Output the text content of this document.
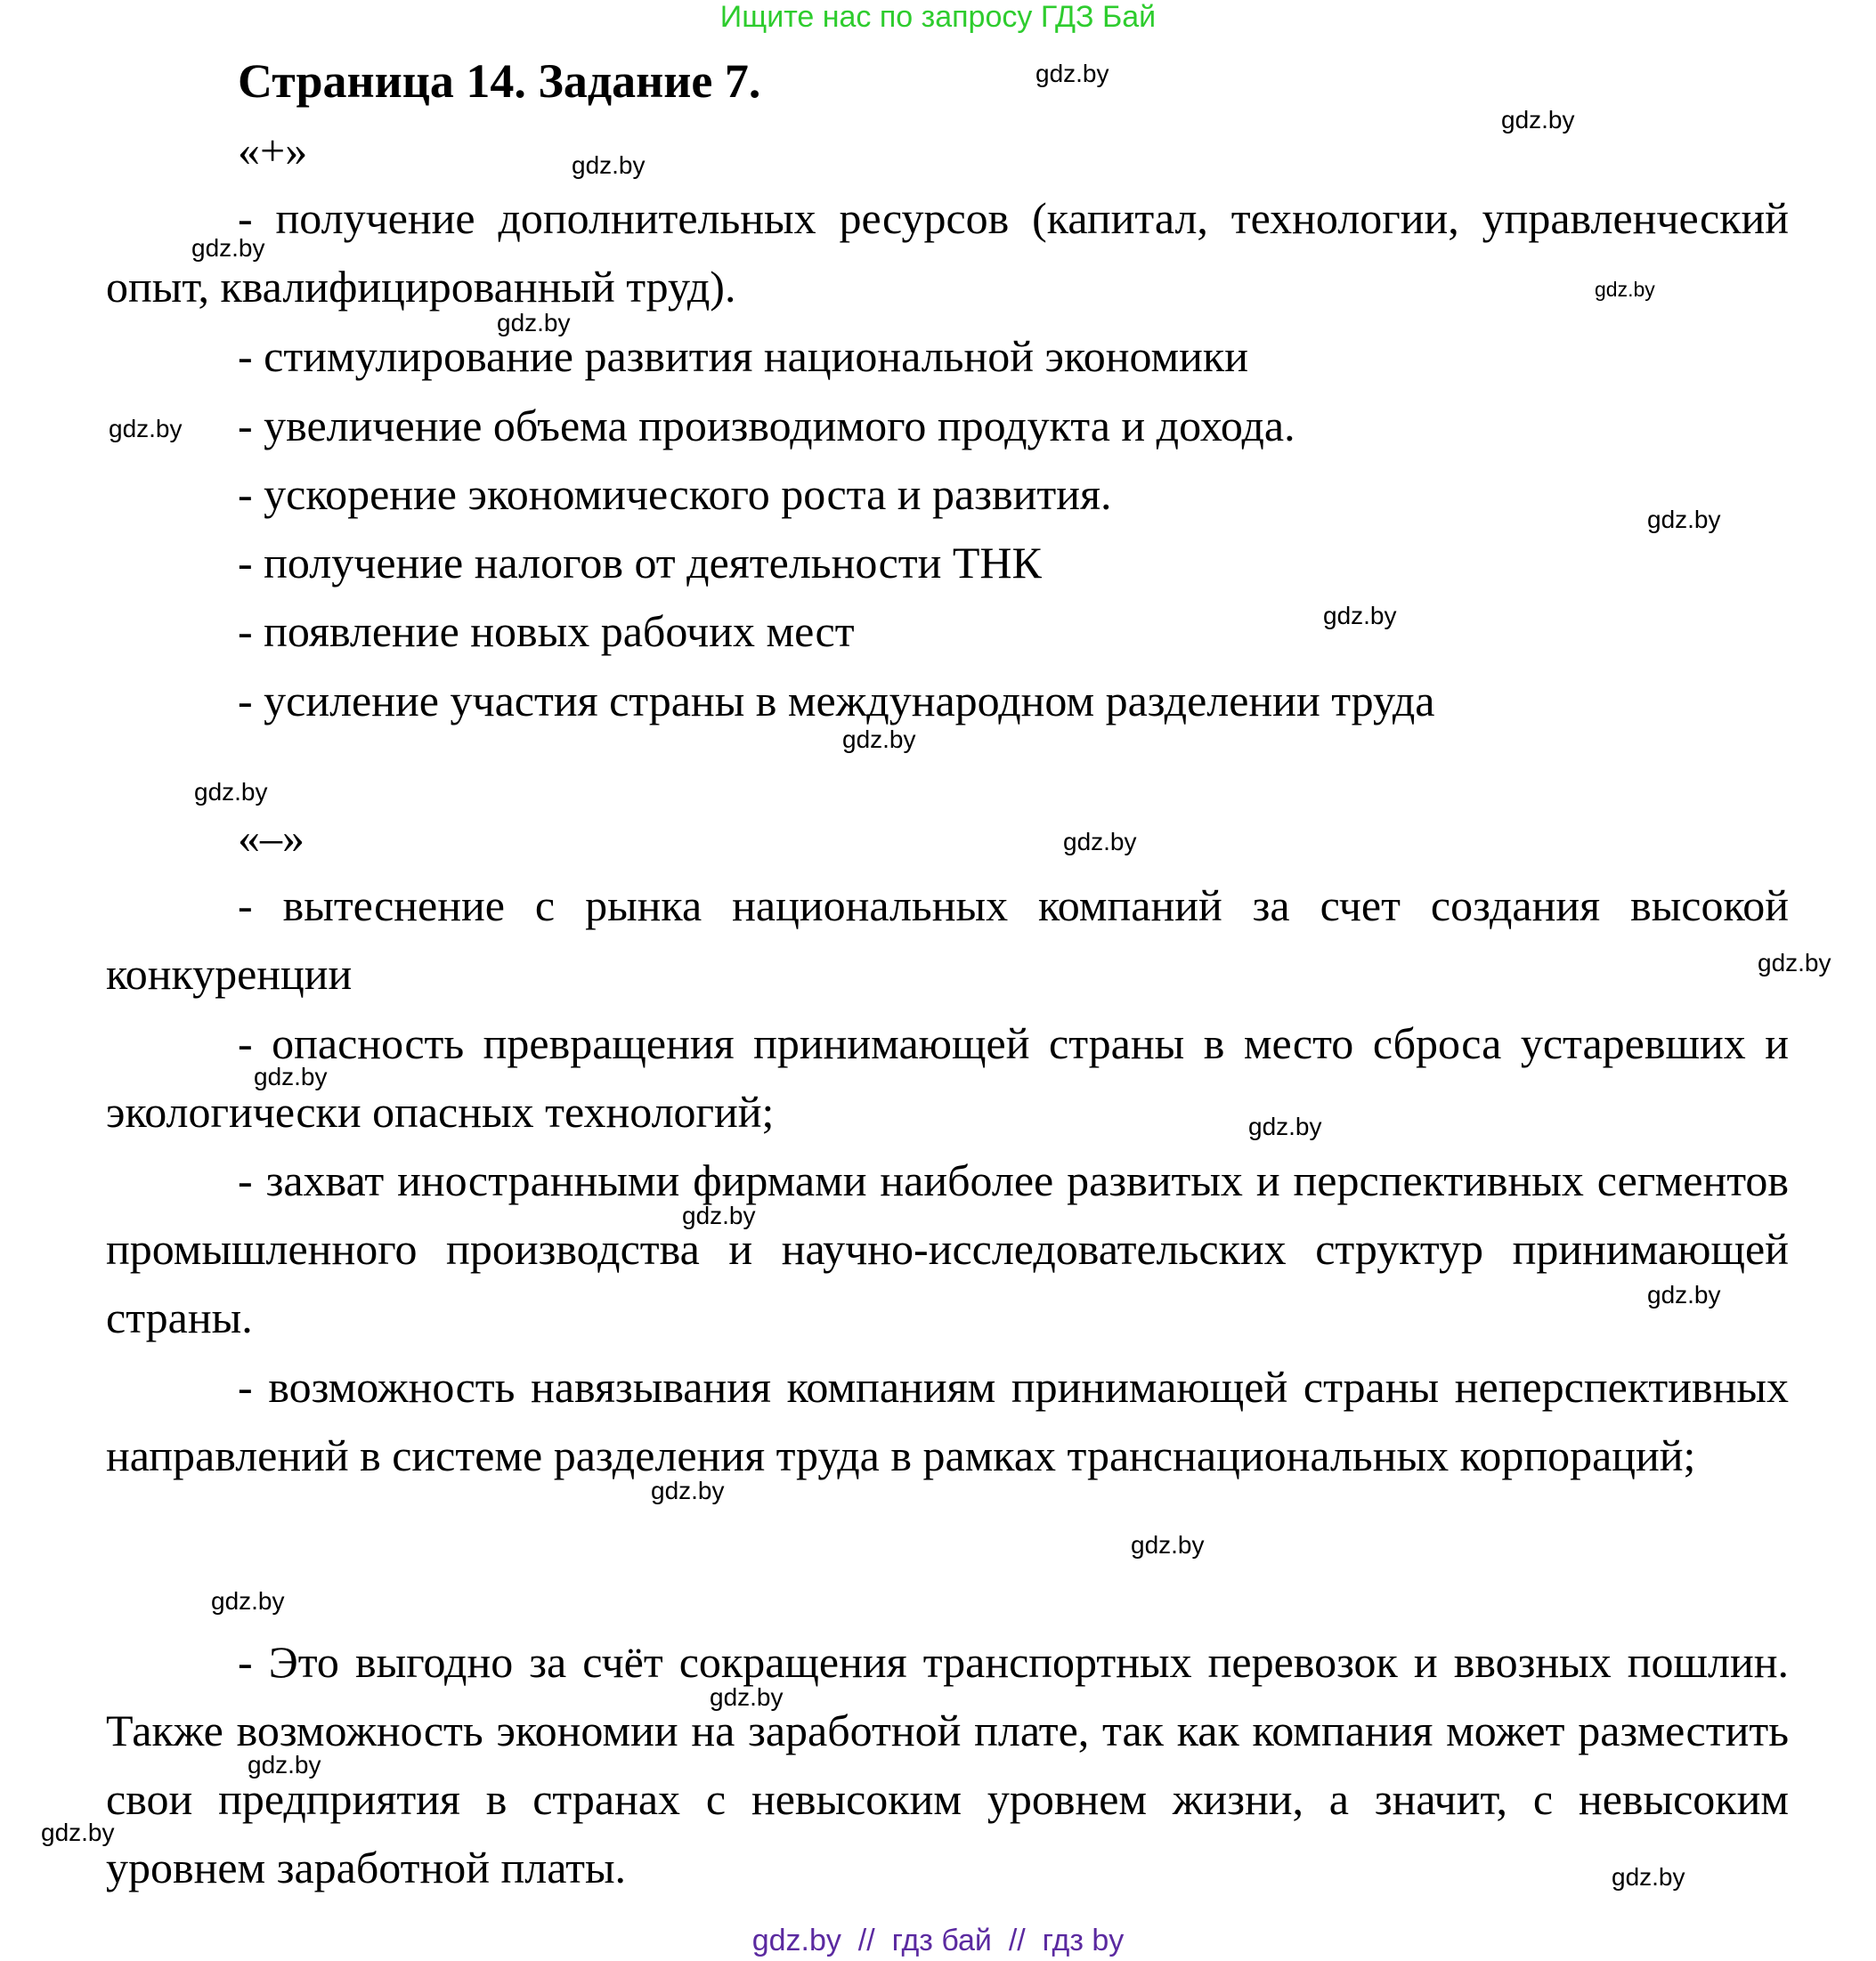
Ищите нас по запросу ГДЗ Бай
Страница 14. Задание 7.
«+»

- получение дополнительных ресурсов (капитал, технологии, управленческий опыт, квалифицированный труд).

- стимулирование развития национальной экономики

- увеличение объема производимого продукта и дохода.

- ускорение экономического роста и развития.

- получение налогов от деятельности ТНК

- появление новых рабочих мест

- усиление участия страны в международном разделении труда

«–»

- вытеснение с рынка национальных компаний за счет создания высокой конкуренции

- опасность превращения принимающей страны в место сброса устаревших и экологически опасных технологий;

- захват иностранными фирмами наиболее развитых и перспективных сегментов промышленного производства и научно-исследовательских структур принимающей страны.

- возможность навязывания компаниям принимающей страны неперспективных направлений в системе разделения труда в рамках транснациональных корпораций;

- Это выгодно за счёт сокращения транспортных перевозок и ввозных пошлин. Также возможность экономии на заработной плате, так как компания может разместить свои предприятия в странах с невысоким уровнем жизни, а значит, с невысоким уровнем заработной платы.

gdz.by
gdz.by
gdz.by
gdz.by
gdz.by
gdz.by
gdz.by
gdz.by
gdz.by
gdz.by
gdz.by
gdz.by
gdz.by
gdz.by
gdz.by
gdz.by
gdz.by
gdz.by
gdz.by
gdz.by
gdz.by
gdz.by
gdz.by
gdz.by
gdz.by  //  гдз бай  //  гдз by
